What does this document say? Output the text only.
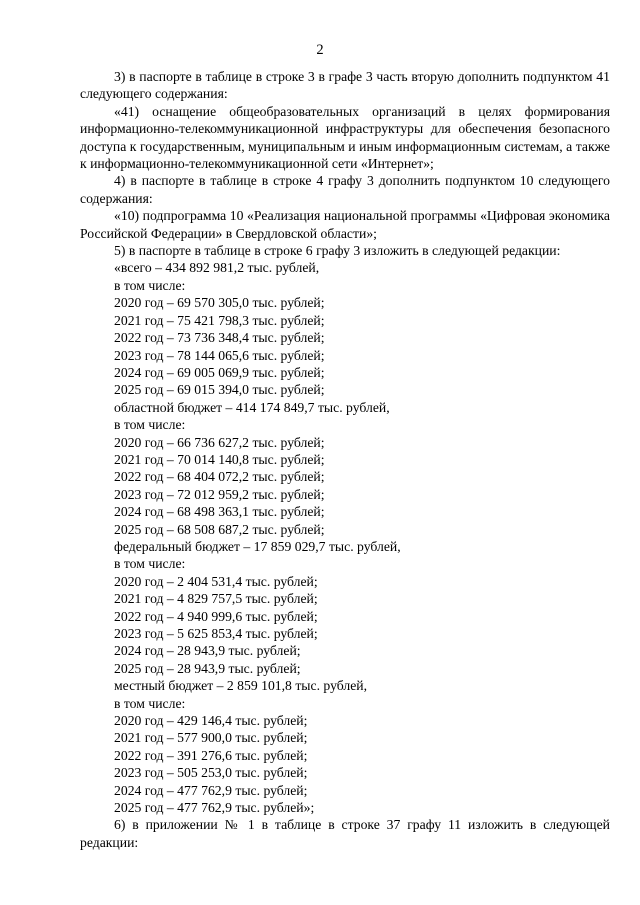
2

3) в паспорте в таблице в строке 3 в графе 3 часть вторую дополнить подпунктом 41 следующего содержания:

«41) оснащение общеобразовательных организаций в целях формирования информационно-телекоммуникационной инфраструктуры для обеспечения безопасного доступа к государственным, муниципальным и иным информационным системам, а также к информационно-телекоммуникационной сети «Интернет»;

4) в паспорте в таблице в строке 4 графу 3 дополнить подпунктом 10 следующего содержания:

«10) подпрограмма 10 «Реализация национальной программы «Цифровая экономика Российской Федерации» в Свердловской области»;

5) в паспорте в таблице в строке 6 графу 3 изложить в следующей редакции:

«всего – 434 892 981,2 тыс. рублей,

в том числе:

2020 год – 69 570 305,0 тыс. рублей;

2021 год – 75 421 798,3 тыс. рублей;

2022 год – 73 736 348,4 тыс. рублей;

2023 год – 78 144 065,6 тыс. рублей;

2024 год – 69 005 069,9 тыс. рублей;

2025 год – 69 015 394,0 тыс. рублей;

областной бюджет – 414 174 849,7 тыс. рублей,

в том числе:

2020 год – 66 736 627,2 тыс. рублей;

2021 год – 70 014 140,8 тыс. рублей;

2022 год – 68 404 072,2 тыс. рублей;

2023 год – 72 012 959,2 тыс. рублей;

2024 год – 68 498 363,1 тыс. рублей;

2025 год – 68 508 687,2 тыс. рублей;

федеральный бюджет – 17 859 029,7 тыс. рублей,

в том числе:

2020 год – 2 404 531,4 тыс. рублей;

2021 год – 4 829 757,5 тыс. рублей;

2022 год – 4 940 999,6 тыс. рублей;

2023 год – 5 625 853,4 тыс. рублей;

2024 год – 28 943,9 тыс. рублей;

2025 год – 28 943,9 тыс. рублей;

местный бюджет – 2 859 101,8 тыс. рублей,

в том числе:

2020 год – 429 146,4 тыс. рублей;

2021 год – 577 900,0 тыс. рублей;

2022 год – 391 276,6 тыс. рублей;

2023 год – 505 253,0 тыс. рублей;

2024 год – 477 762,9 тыс. рублей;

2025 год – 477 762,9 тыс. рублей»;

6) в приложении № 1 в таблице в строке 37 графу 11 изложить в следующей редакции:
